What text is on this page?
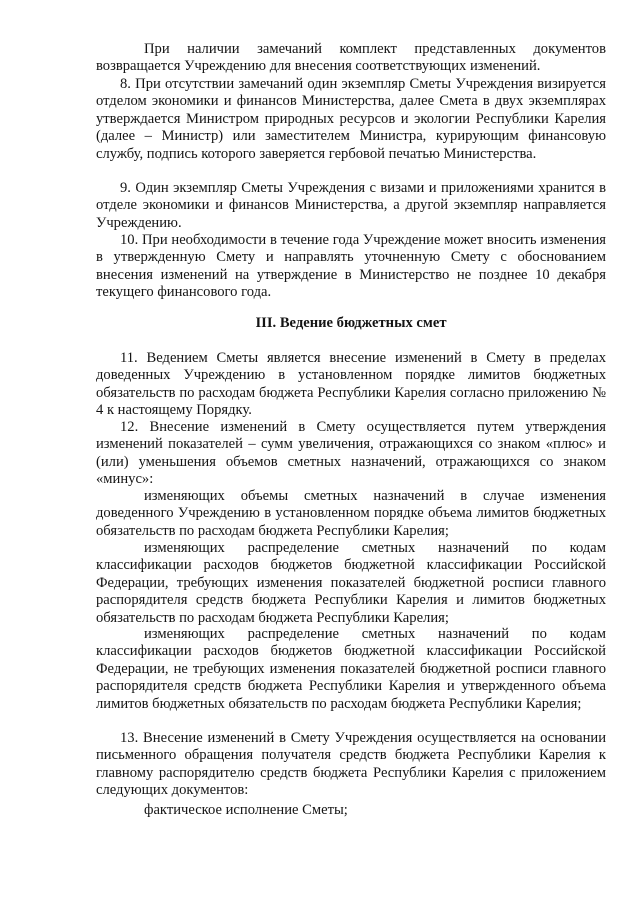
При наличии замечаний комплект представленных документов возвращается Учреждению для внесения соответствующих изменений.

8. При отсутствии замечаний один экземпляр Сметы Учреждения визируется отделом экономики и финансов Министерства, далее Смета в двух экземплярах утверждается Министром природных ресурсов и экологии Республики Карелия (далее – Министр) или заместителем Министра, курирующим финансовую службу, подпись которого заверяется гербовой печатью Министерства.

9. Один экземпляр Сметы Учреждения с визами и приложениями хранится в отделе экономики и финансов Министерства, а другой экземпляр направляется Учреждению.

10. При необходимости в течение года Учреждение может вносить изменения в утвержденную Смету и направлять уточненную Смету с обоснованием внесения изменений на утверждение в Министерство не позднее 10 декабря текущего финансового года.

III. Ведение бюджетных смет

11. Ведением Сметы является внесение изменений в Смету в пределах доведенных Учреждению в установленном порядке лимитов бюджетных обязательств по расходам бюджета Республики Карелия согласно приложению № 4 к настоящему Порядку.

12. Внесение изменений в Смету осуществляется путем утверждения изменений показателей – сумм увеличения, отражающихся со знаком «плюс» и (или) уменьшения объемов сметных назначений, отражающихся со знаком «минус»:

изменяющих объемы сметных назначений в случае изменения доведенного Учреждению в установленном порядке объема лимитов бюджетных обязательств по расходам бюджета Республики Карелия;

изменяющих распределение сметных назначений по кодам классификации расходов бюджетов бюджетной классификации Российской Федерации, требующих изменения показателей бюджетной росписи главного распорядителя средств бюджета Республики Карелия и лимитов бюджетных обязательств по расходам бюджета Республики Карелия;

изменяющих распределение сметных назначений по кодам классификации расходов бюджетов бюджетной классификации Российской Федерации, не требующих изменения показателей бюджетной росписи главного распорядителя средств бюджета Республики Карелия и утвержденного объема лимитов бюджетных обязательств по расходам бюджета Республики Карелия;

13. Внесение изменений в Смету Учреждения осуществляется на основании письменного обращения получателя средств бюджета Республики Карелия к главному распорядителю средств бюджета Республики Карелия с приложением следующих документов:

фактическое исполнение Сметы;
